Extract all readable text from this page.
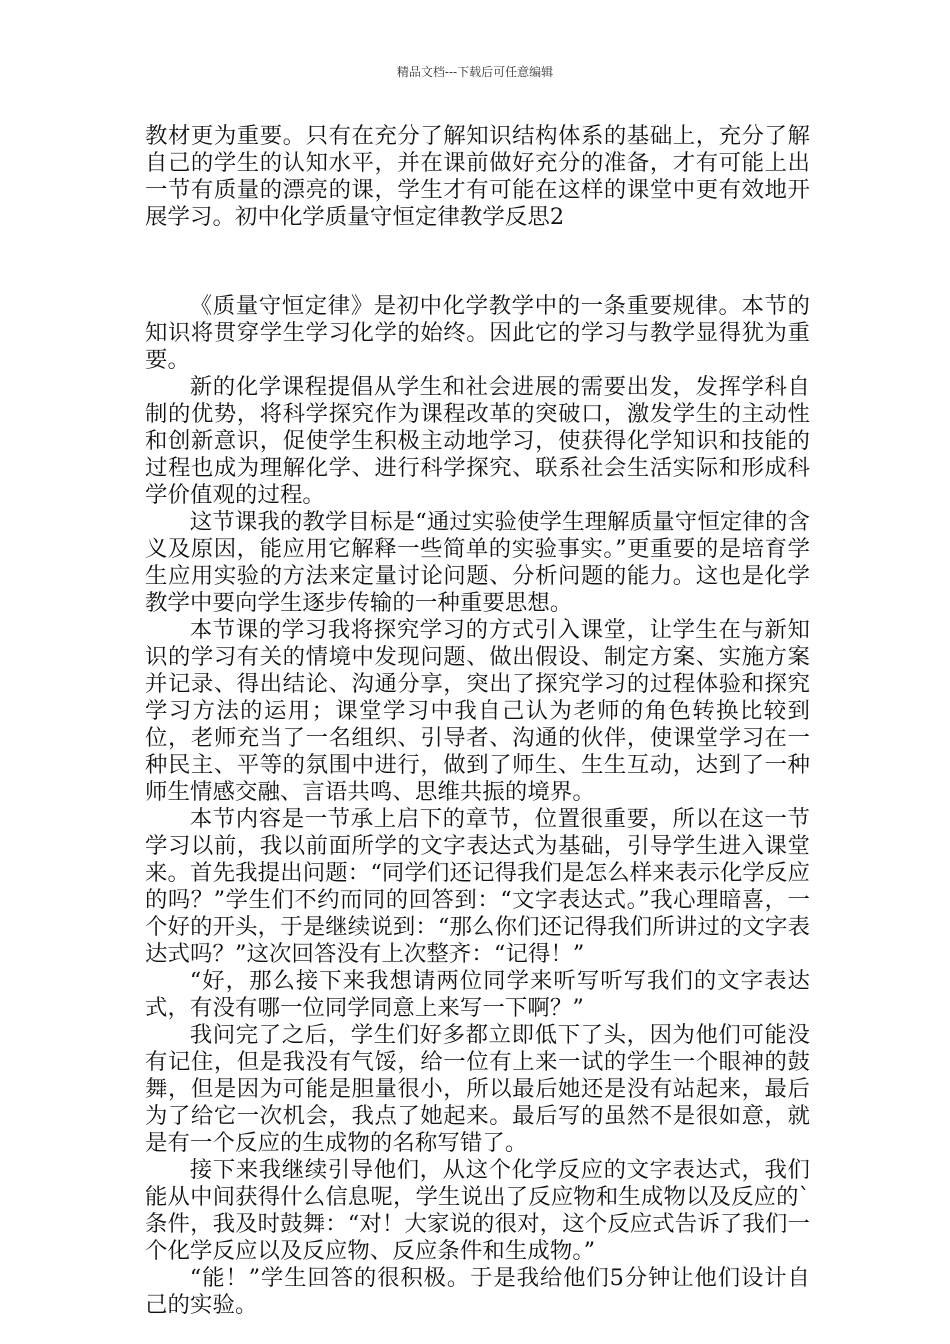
精品文档---下载后可任意编辑

教材更为重要。只有在充分了解知识结构体系的基础上，充分了解自己的学生的认知水平，并在课前做好充分的准备，才有可能上出一节有质量的漂亮的课，学生才有可能在这样的课堂中更有效地开展学习。初中化学质量守恒定律教学反思2

《质量守恒定律》是初中化学教学中的一条重要规律。本节的知识将贯穿学生学习化学的始终。因此它的学习与教学显得犹为重要。

新的化学课程提倡从学生和社会进展的需要出发，发挥学科自制的优势，将科学探究作为课程改革的突破口，激发学生的主动性和创新意识，促使学生积极主动地学习，使获得化学知识和技能的过程也成为理解化学、进行科学探究、联系社会生活实际和形成科学价值观的过程。

这节课我的教学目标是“通过实验使学生理解质量守恒定律的含义及原因，能应用它解释一些简单的实验事实。”更重要的是培育学生应用实验的方法来定量讨论问题、分析问题的能力。这也是化学教学中要向学生逐步传输的一种重要思想。

本节课的学习我将探究学习的方式引入课堂，让学生在与新知识的学习有关的情境中发现问题、做出假设、制定方案、实施方案并记录、得出结论、沟通分享，突出了探究学习的过程体验和探究学习方法的运用；课堂学习中我自己认为老师的角色转换比较到位，老师充当了一名组织、引导者、沟通的伙伴，使课堂学习在一种民主、平等的氛围中进行，做到了师生、生生互动，达到了一种师生情感交融、言语共鸣、思维共振的境界。

本节内容是一节承上启下的章节，位置很重要，所以在这一节学习以前，我以前面所学的文字表达式为基础，引导学生进入课堂来。首先我提出问题：“同学们还记得我们是怎么样来表示化学反应的吗？”学生们不约而同的回答到：“文字表达式。”我心理暗喜，一个好的开头，于是继续说到：“那么你们还记得我们所讲过的文字表达式吗？”这次回答没有上次整齐：“记得！”

“好，那么接下来我想请两位同学来听写听写我们的文字表达式，有没有哪一位同学同意上来写一下啊？”

我问完了之后，学生们好多都立即低下了头，因为他们可能没有记住，但是我没有气馁，给一位有上来一试的学生一个眼神的鼓舞，但是因为可能是胆量很小，所以最后她还是没有站起来，最后为了给它一次机会，我点了她起来。最后写的虽然不是很如意，就是有一个反应的生成物的名称写错了。

接下来我继续引导他们，从这个化学反应的文字表达式，我们能从中间获得什么信息呢，学生说出了反应物和生成物以及反应的`条件，我及时鼓舞：“对！大家说的很对，这个反应式告诉了我们一个化学反应以及反应物、反应条件和生成物。”

“能！”学生回答的很积极。于是我给他们5分钟让他们设计自己的实验。
